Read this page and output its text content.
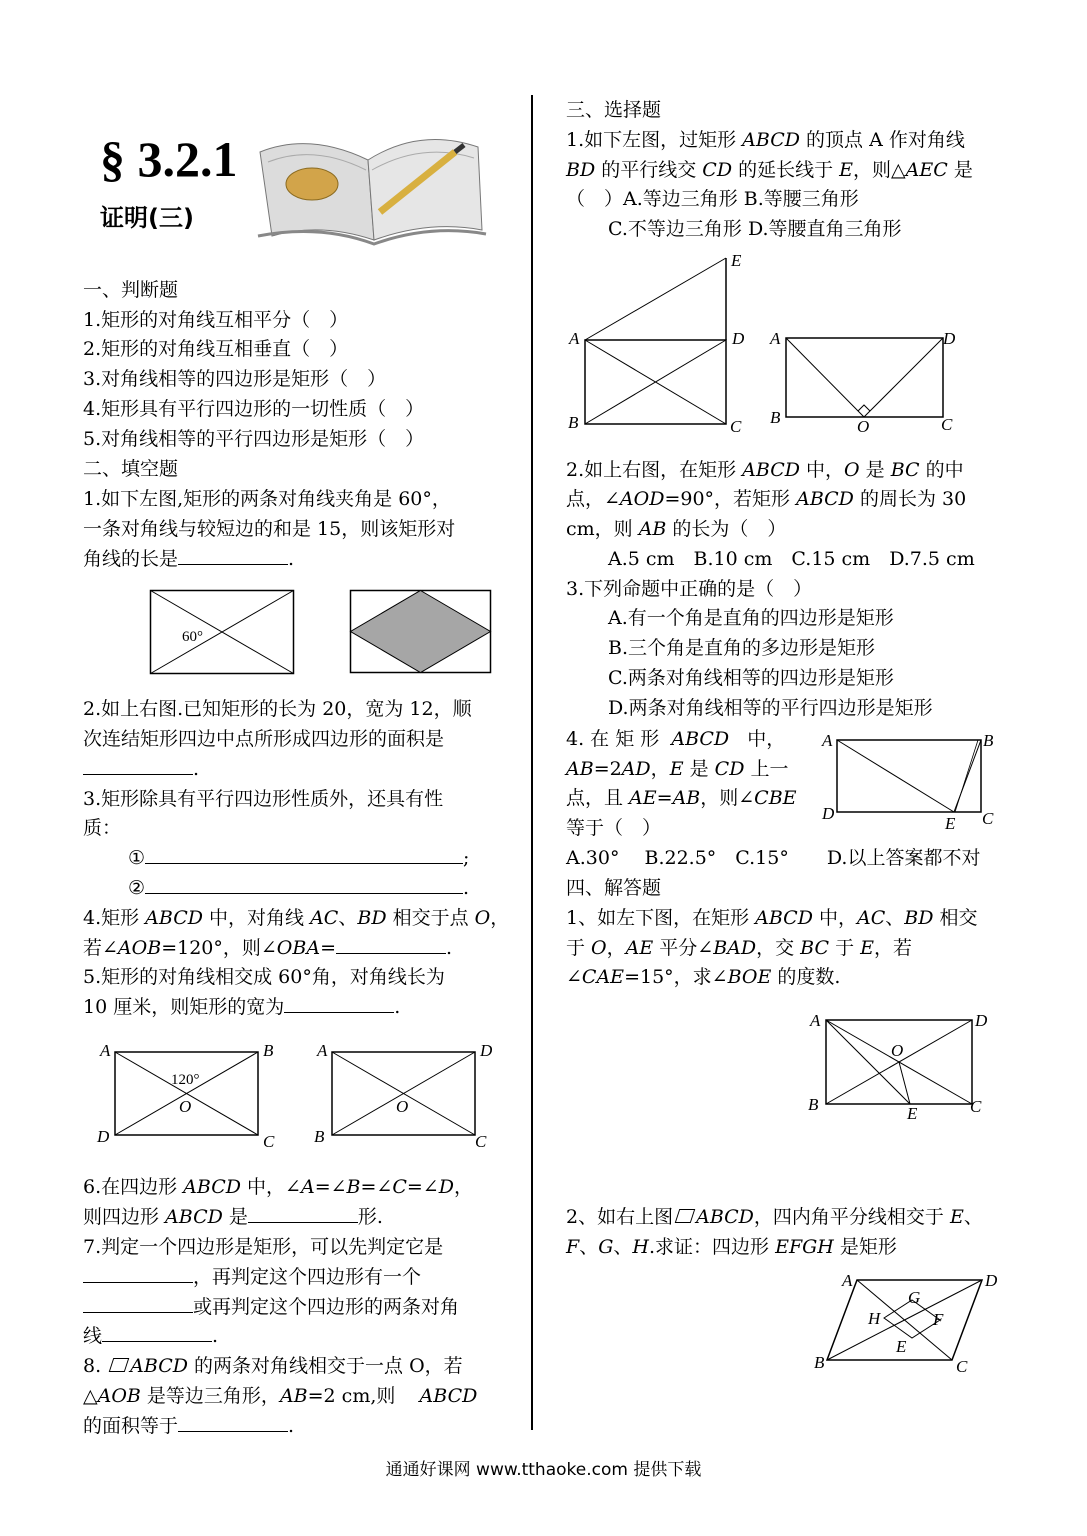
§ 3.2.1
证明(三)
一、判断题
1.矩形的对角线互相平分（　）
2.矩形的对角线互相垂直（　）
3.对角线相等的四边形是矩形（　）
4.矩形具有平行四边形的一切性质（　）
5.对角线相等的平行四边形是矩形（　）
二、填空题
1.如下左图,矩形的两条对角线夹角是 60°，
一条对角线与较短边的和是 15，则该矩形对
角线的长是	.
60°
2.如上右图.已知矩形的长为 20，宽为 12，顺
次连结矩形四边中点所形成四边形的面积是
.
3.矩形除具有平行四边形性质外，还具有性
质：
①	;
②	.
4.矩形 ABCD 中，对角线 AC、BD 相交于点 O，
若∠AOB=120°，则∠OBA=	.
5.矩形的对角线相交成 60°角，对角线长为
10 厘米，则矩形的宽为	.
A	B
C
D
O
120°
A	D
C
B
O
6.在四边形 ABCD 中，∠A=∠B=∠C=∠D，
则四边形 ABCD 是	形.
7.判定一个四边形是矩形，可以先判定它是
，再判定这个四边形有一个
或再判定这个四边形的两条对角
线	.
8. ABCD 的两条对角线相交于一点 O，若
△AOB 是等边三角形，AB=2 cm,则 ABCD
的面积等于	.
三、选择题
1.如下左图，过矩形 ABCD 的顶点 A 作对角线
BD 的平行线交 CD 的延长线于 E，则△AEC 是
（　）A.等边三角形 B.等腰三角形
C.不等边三角形 D.等腰直角三角形
A
B	C
D
E
A
B	C
D
O
2.如上右图，在矩形 ABCD 中，O 是 BC 的中
点，∠AOD=90°，若矩形 ABCD 的周长为 30
cm，则 AB 的长为（　）
A.5 cm　B.10 cm　C.15 cm　D.7.5 cm
3.下列命题中正确的是（　）
A.有一个角是直角的四边形是矩形
B.三个角是直角的多边形是矩形
C.两条对角线相等的四边形是矩形
D.两条对角线相等的平行四边形是矩形
4. 在 矩 形  ABCD   中，
AB=2AD，E 是 CD 上一
点，且 AE=AB，则∠CBE
等于（　）
A.30°　 B.22.5°　C.15°　　D.以上答案都不对
A	B
C
D
E
四、解答题
1、如左下图，在矩形 ABCD 中，AC、BD 相交
于 O，AE 平分∠BAD，交 BC 于 E，若
∠CAE=15°，求∠BOE 的度数.
A
B	C
D
E
O
2、如右上图 ABCD，四内角平分线相交于 E、
F、G、H.求证：四边形 EFGH 是矩形
A
B	C
D
E
F
G
H
通通好课网 www.tthaoke.com 提供下载
